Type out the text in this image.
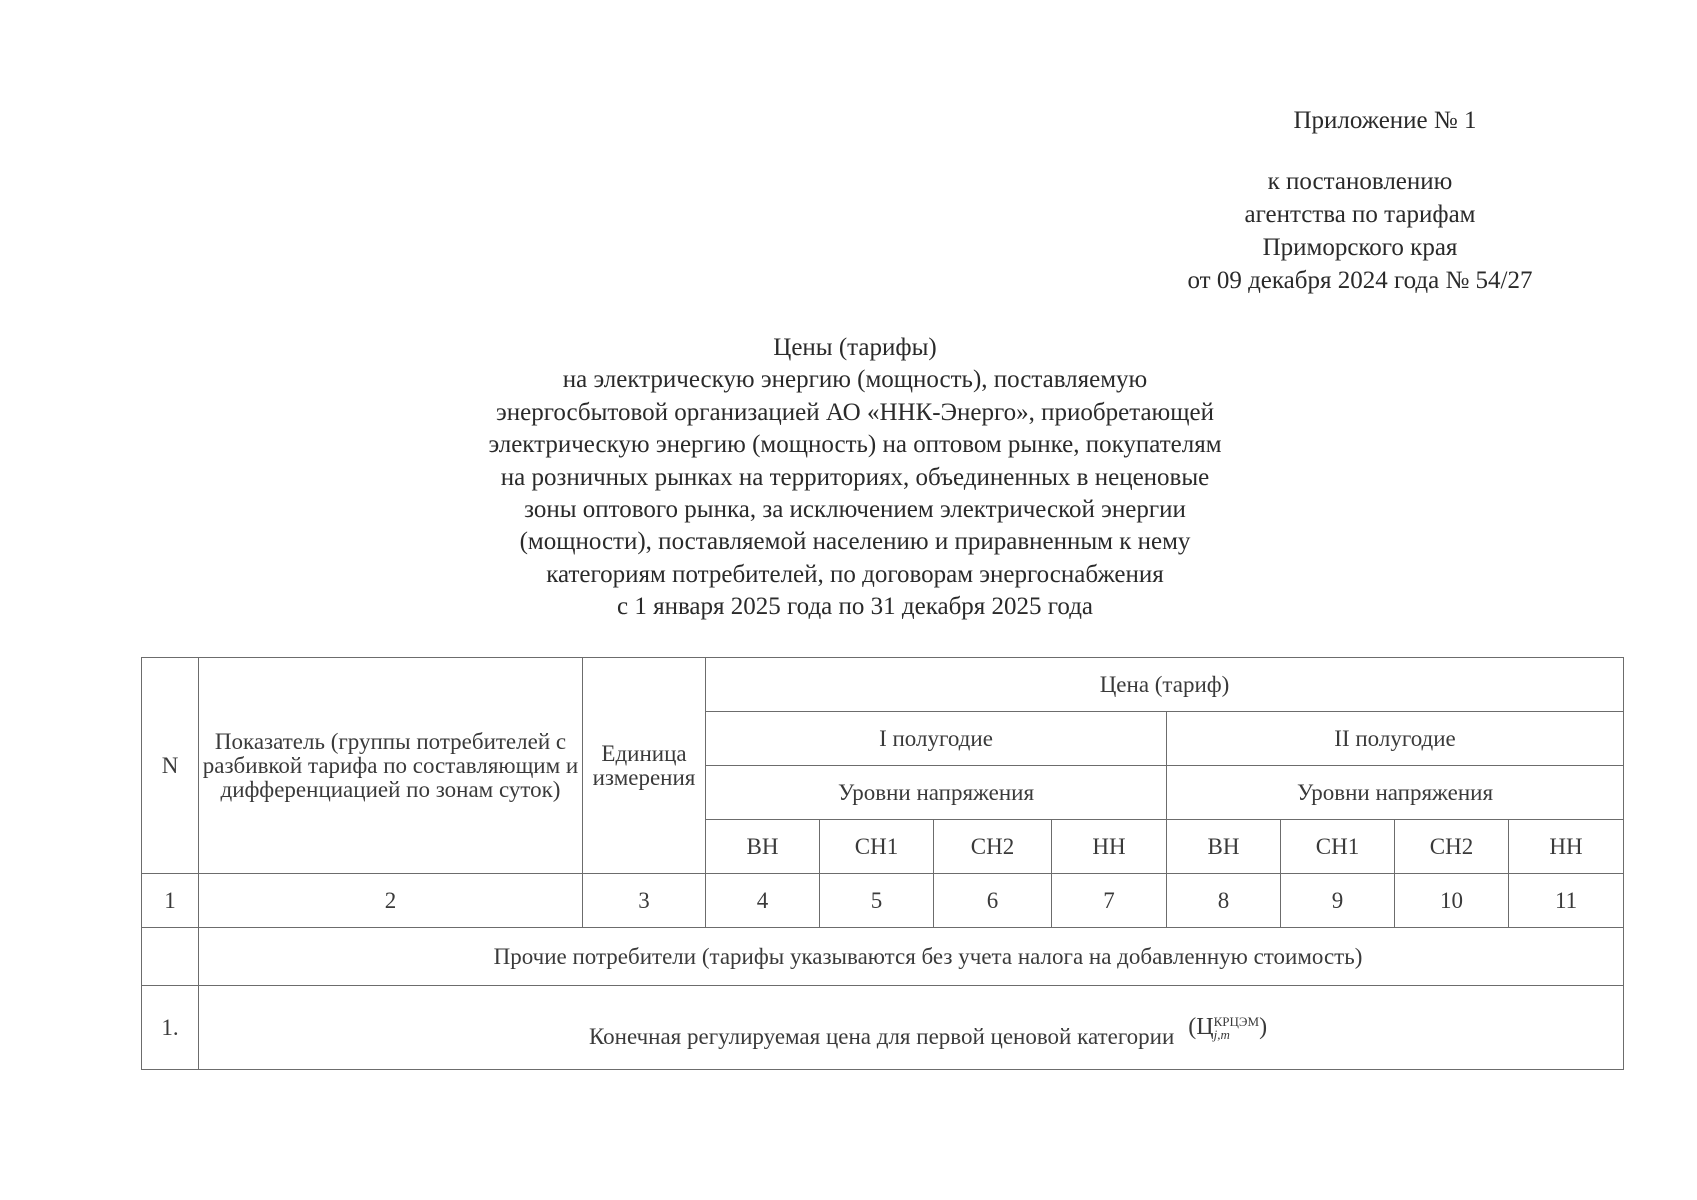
Приложение № 1
к постановлению
агентства по тарифам
Приморского края
от 09 декабря 2024 года № 54/27
Цены (тарифы)
на электрическую энергию (мощность), поставляемую
энергосбытовой организацией АО «ННК-Энерго», приобретающей
электрическую энергию (мощность) на оптовом рынке, покупателям
на розничных рынках на территориях, объединенных в неценовые
зоны оптового рынка, за исключением электрической энергии
(мощности), поставляемой населению и приравненным к нему
категориям потребителей, по договорам энергоснабжения
с 1 января 2025 года по 31 декабря 2025 года
N	Показатель (группы потребителей с разбивкой тарифа по составляющим и дифференциацией по зонам суток)	Единица измерения	Цена (тариф)							
			I полугодие				II полугодие			
			Уровни напряжения				Уровни напряжения			
			ВН	СН1	СН2	НН	ВН	СН1	СН2	НН
1	2	3	4	5	6	7	8	9	10	11
	Прочие потребители (тарифы указываются без учета налога на добавленную стоимость)									
1.	Конечная регулируемая цена для первой ценовой категории (ЦКРЦЭМ
j,m )									
